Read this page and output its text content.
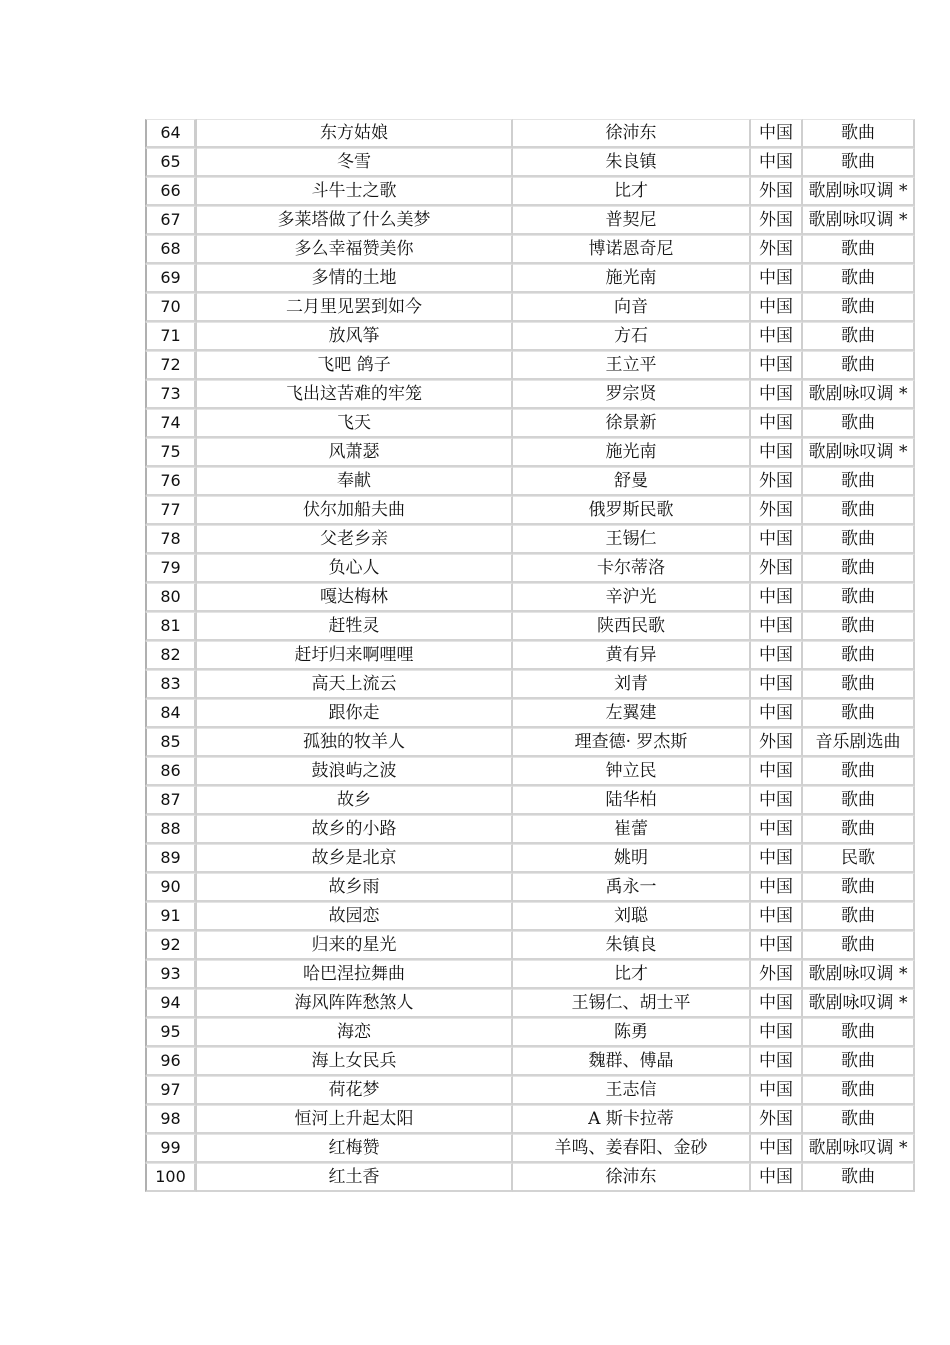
64	东方姑娘	徐沛东	中国	歌曲
65	冬雪	朱良镇	中国	歌曲
66	斗牛士之歌	比才	外国	歌剧咏叹调 *
67	多莱塔做了什么美梦	普契尼	外国	歌剧咏叹调 *
68	多么幸福赞美你	博诺恩奇尼	外国	歌曲
69	多情的土地	施光南	中国	歌曲
70	二月里见罢到如今	向音	中国	歌曲
71	放风筝	方石	中国	歌曲
72	飞吧 鸽子	王立平	中国	歌曲
73	飞出这苦难的牢笼	罗宗贤	中国	歌剧咏叹调 *
74	飞天	徐景新	中国	歌曲
75	风萧瑟	施光南	中国	歌剧咏叹调 *
76	奉献	舒曼	外国	歌曲
77	伏尔加船夫曲	俄罗斯民歌	外国	歌曲
78	父老乡亲	王锡仁	中国	歌曲
79	负心人	卡尔蒂洛	外国	歌曲
80	嘎达梅林	辛沪光	中国	歌曲
81	赶牲灵	陕西民歌	中国	歌曲
82	赶圩归来啊哩哩	黄有异	中国	歌曲
83	高天上流云	刘青	中国	歌曲
84	跟你走	左翼建	中国	歌曲
85	孤独的牧羊人	理查德· 罗杰斯	外国	音乐剧选曲
86	鼓浪屿之波	钟立民	中国	歌曲
87	故乡	陆华柏	中国	歌曲
88	故乡的小路	崔蕾	中国	歌曲
89	故乡是北京	姚明	中国	民歌
90	故乡雨	禹永一	中国	歌曲
91	故园恋	刘聪	中国	歌曲
92	归来的星光	朱镇良	中国	歌曲
93	哈巴涅拉舞曲	比才	外国	歌剧咏叹调 *
94	海风阵阵愁煞人	王锡仁、胡士平	中国	歌剧咏叹调 *
95	海恋	陈勇	中国	歌曲
96	海上女民兵	魏群、傅晶	中国	歌曲
97	荷花梦	王志信	中国	歌曲
98	恒河上升起太阳	A 斯卡拉蒂	外国	歌曲
99	红梅赞	羊鸣、姜春阳、金砂	中国	歌剧咏叹调 *
100	红土香	徐沛东	中国	歌曲
